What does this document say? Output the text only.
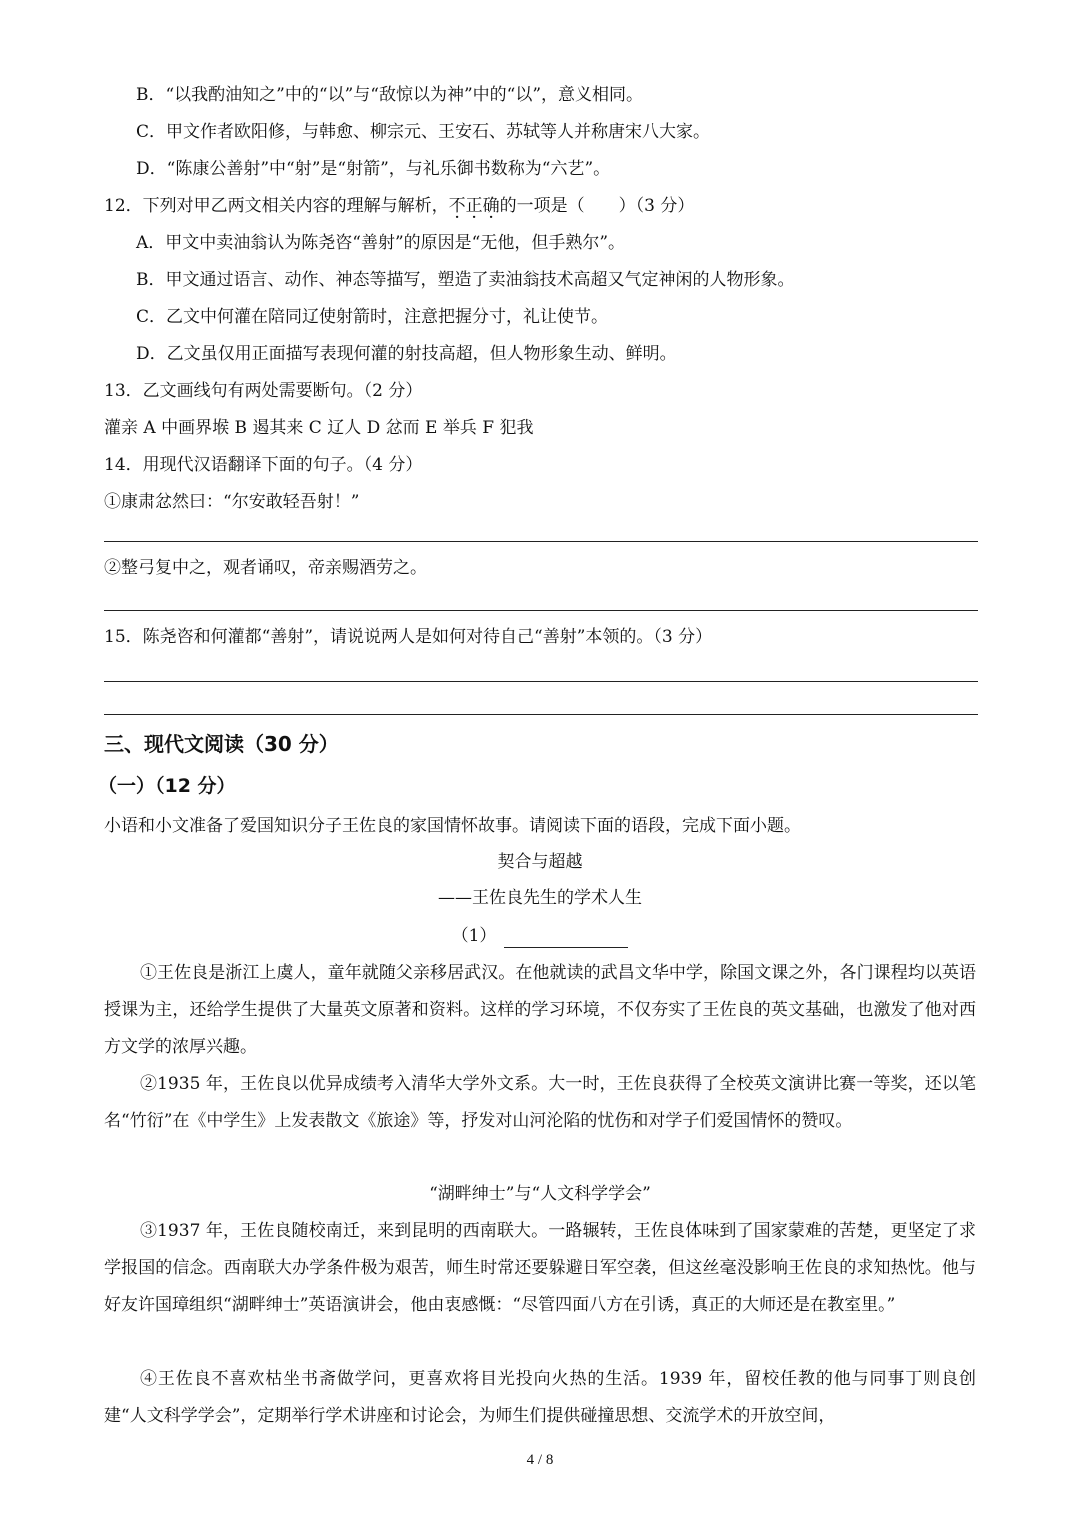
B．“以我酌油知之”中的“以”与“敌惊以为神”中的“以”，意义相同。
C．甲文作者欧阳修，与韩愈、柳宗元、王安石、苏轼等人并称唐宋八大家。
D．“陈康公善射”中“射”是“射箭”，与礼乐御书数称为“六艺”。
12．下列对甲乙两文相关内容的理解与解析，不正确的一项是（　　）（3 分）
A．甲文中卖油翁认为陈尧咨“善射”的原因是“无他，但手熟尔”。
B．甲文通过语言、动作、神态等描写，塑造了卖油翁技术高超又气定神闲的人物形象。
C．乙文中何灌在陪同辽使射箭时，注意把握分寸，礼让使节。
D．乙文虽仅用正面描写表现何灌的射技高超，但人物形象生动、鲜明。
13．乙文画线句有两处需要断句。（2 分）
灌亲 A 中画界堠 B 遏其来 C 辽人 D 忿而 E 举兵 F 犯我
14．用现代汉语翻译下面的句子。（4 分）
①康肃忿然曰：“尔安敢轻吾射！”
②整弓复中之，观者诵叹，帝亲赐酒劳之。
15．陈尧咨和何灌都“善射”，请说说两人是如何对待自己“善射”本领的。（3 分）
三、现代文阅读（30 分）
（一）（12 分）
小语和小文准备了爱国知识分子王佐良的家国情怀故事。请阅读下面的语段，完成下面小题。
契合与超越
——王佐良先生的学术人生
（1）
①王佐良是浙江上虞人，童年就随父亲移居武汉。在他就读的武昌文华中学，除国文课之外，各门课程均以英语授课为主，还给学生提供了大量英文原著和资料。这样的学习环境，不仅夯实了王佐良的英文基础，也激发了他对西方文学的浓厚兴趣。
②1935 年，王佐良以优异成绩考入清华大学外文系。大一时，王佐良获得了全校英文演讲比赛一等奖，还以笔名“竹衍”在《中学生》上发表散文《旅途》等，抒发对山河沦陷的忧伤和对学子们爱国情怀的赞叹。
“湖畔绅士”与“人文科学学会”
③1937 年，王佐良随校南迁，来到昆明的西南联大。一路辗转，王佐良体味到了国家蒙难的苦楚，更坚定了求学报国的信念。西南联大办学条件极为艰苦，师生时常还要躲避日军空袭，但这丝毫没影响王佐良的求知热忱。他与好友许国璋组织“湖畔绅士”英语演讲会，他由衷感慨：“尽管四面八方在引诱，真正的大师还是在教室里。”
④王佐良不喜欢枯坐书斋做学问，更喜欢将目光投向火热的生活。1939 年，留校任教的他与同事丁则良创建“人文科学学会”，定期举行学术讲座和讨论会，为师生们提供碰撞思想、交流学术的开放空间，
4 / 8
